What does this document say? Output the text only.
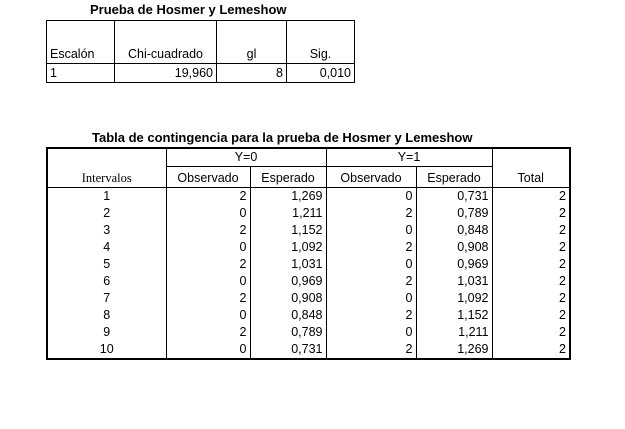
Prueba de Hosmer y Lemeshow
Escalón	Chi-cuadrado	gl	Sig.
1	19,960	8	0,010
Tabla de contingencia para la prueba de Hosmer y Lemeshow
	Y=0		Y=1		
Intervalos	Observado	Esperado	Observado	Esperado	Total
1	2	1,269	0	0,731	2
2	0	1,211	2	0,789	2
3	2	1,152	0	0,848	2
4	0	1,092	2	0,908	2
5	2	1,031	0	0,969	2
6	0	0,969	2	1,031	2
7	2	0,908	0	1,092	2
8	0	0,848	2	1,152	2
9	2	0,789	0	1,211	2
10	0	0,731	2	1,269	2
